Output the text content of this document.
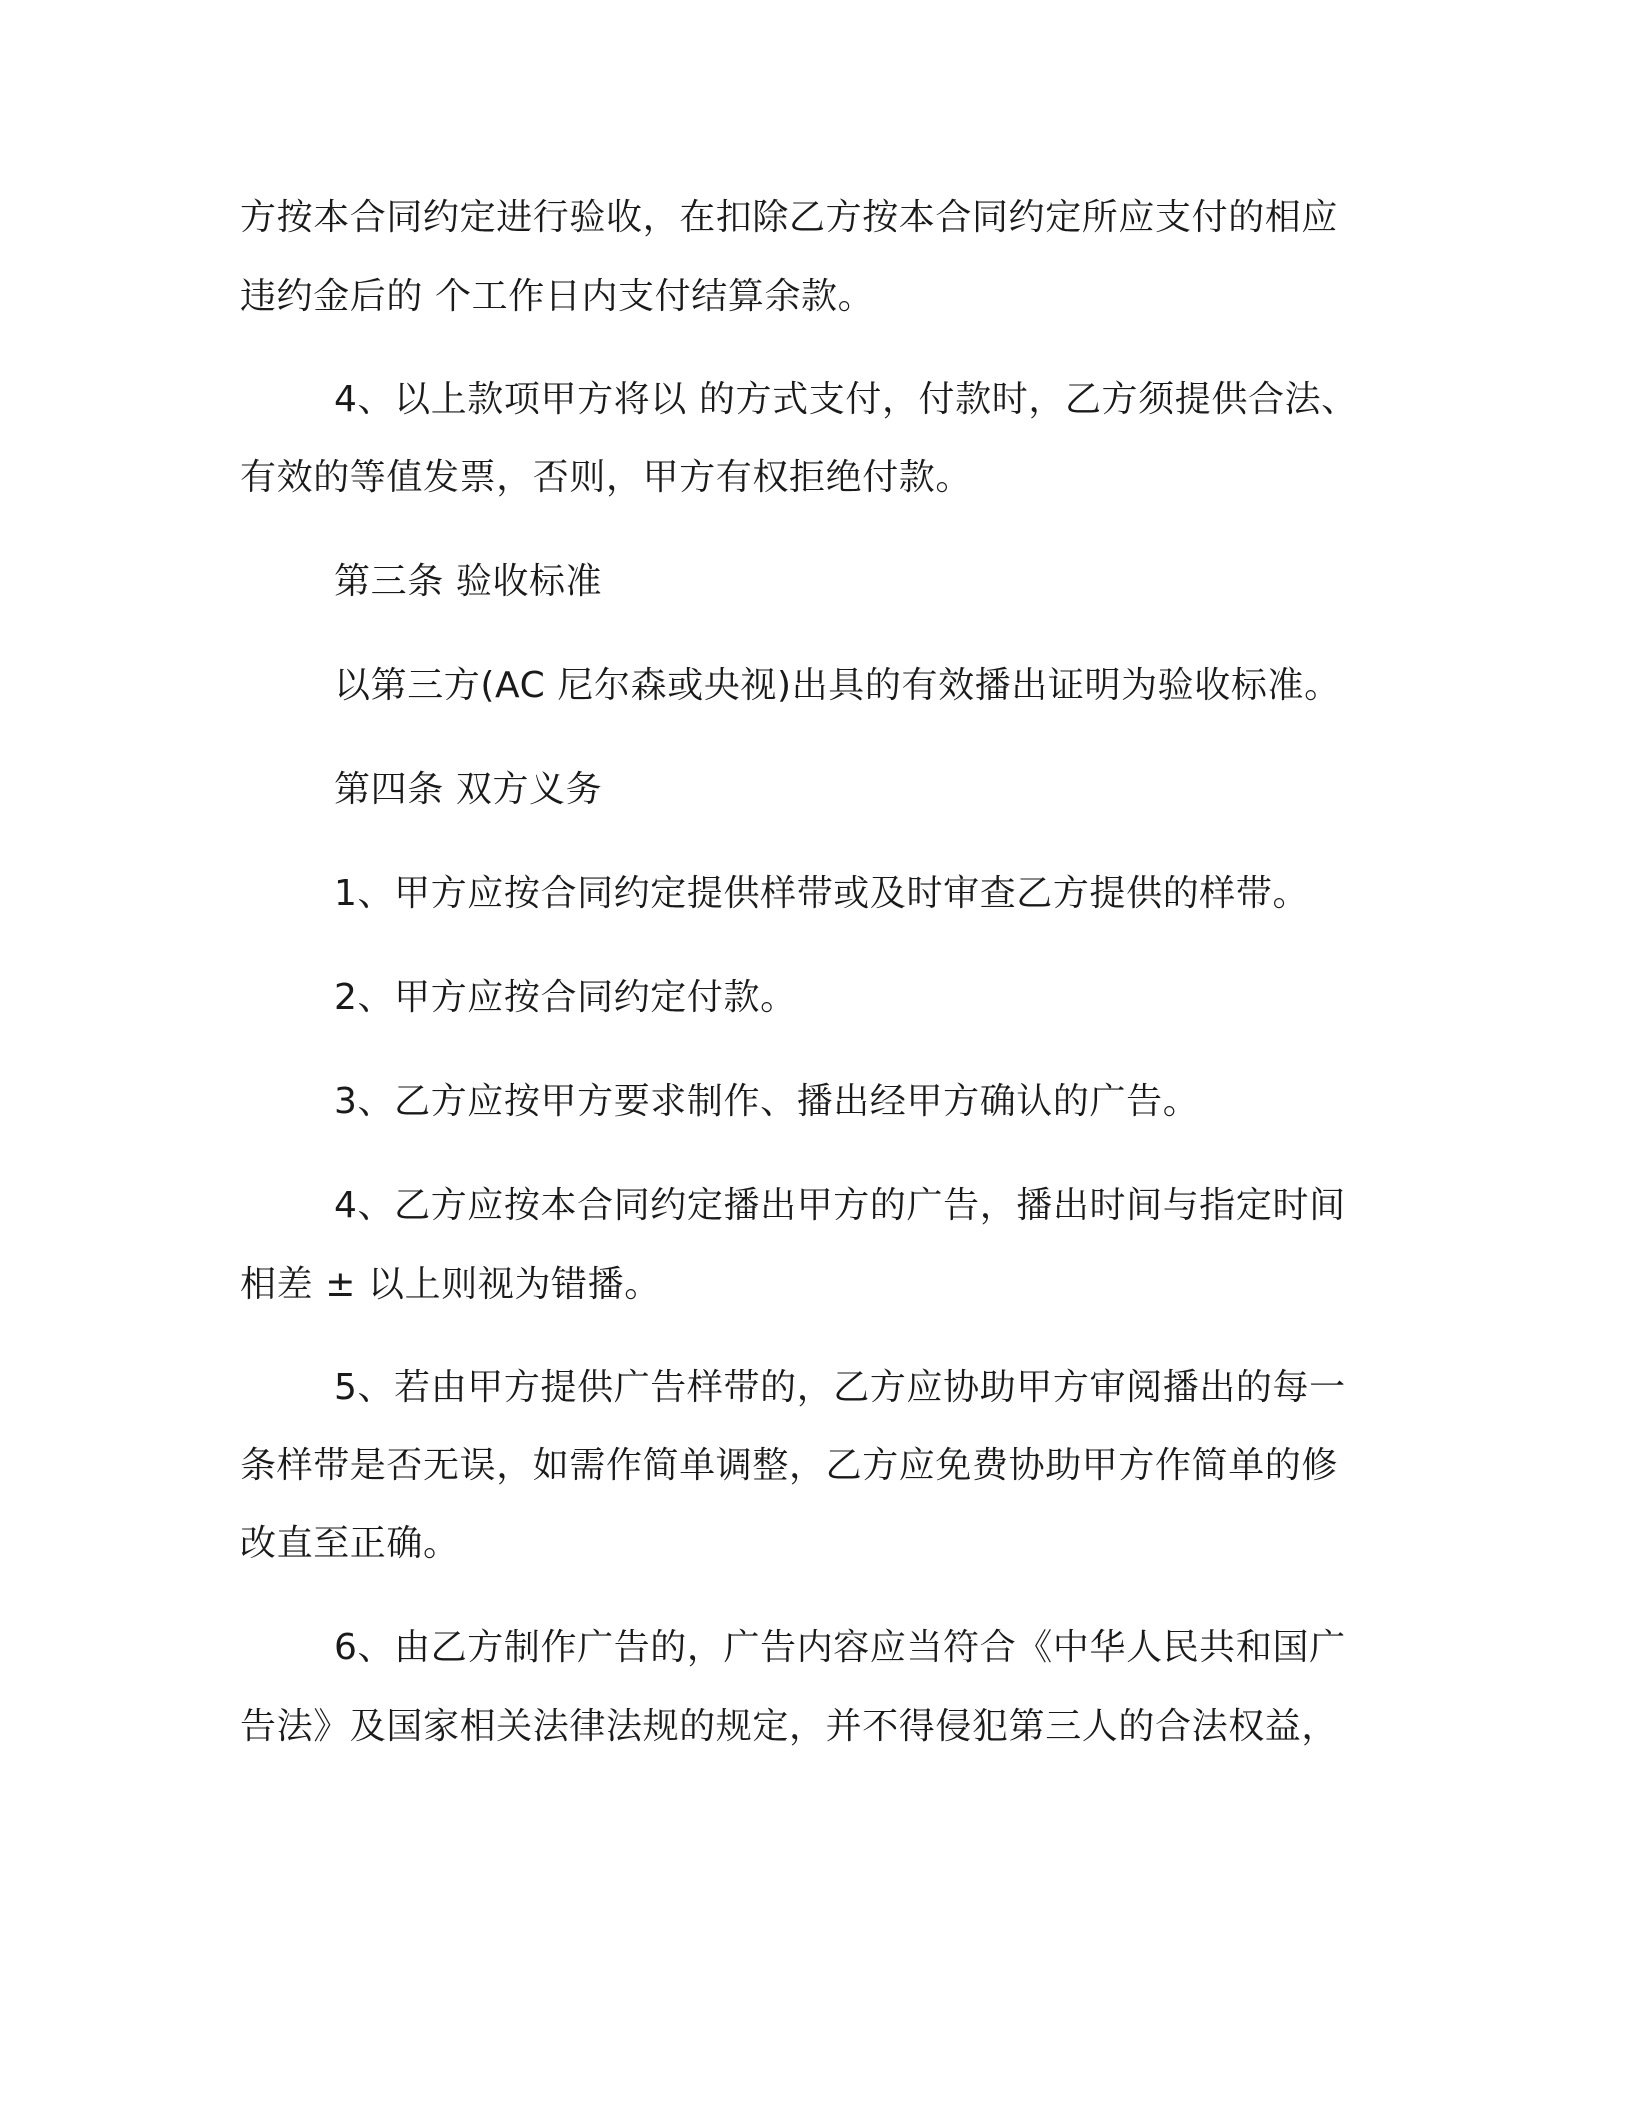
方按本合同约定进行验收，在扣除乙方按本合同约定所应支付的相应

违约金后的 个工作日内支付结算余款。

4、以上款项甲方将以 的方式支付，付款时，乙方须提供合法、

有效的等值发票，否则，甲方有权拒绝付款。

第三条 验收标准

以第三方(AC 尼尔森或央视)出具的有效播出证明为验收标准。

第四条 双方义务

1、甲方应按合同约定提供样带或及时审查乙方提供的样带。

2、甲方应按合同约定付款。

3、乙方应按甲方要求制作、播出经甲方确认的广告。

4、乙方应按本合同约定播出甲方的广告，播出时间与指定时间

相差 ± 以上则视为错播。

5、若由甲方提供广告样带的，乙方应协助甲方审阅播出的每一

条样带是否无误，如需作简单调整，乙方应免费协助甲方作简单的修

改直至正确。

6、由乙方制作广告的，广告内容应当符合《中华人民共和国广

告法》及国家相关法律法规的规定，并不得侵犯第三人的合法权益，
